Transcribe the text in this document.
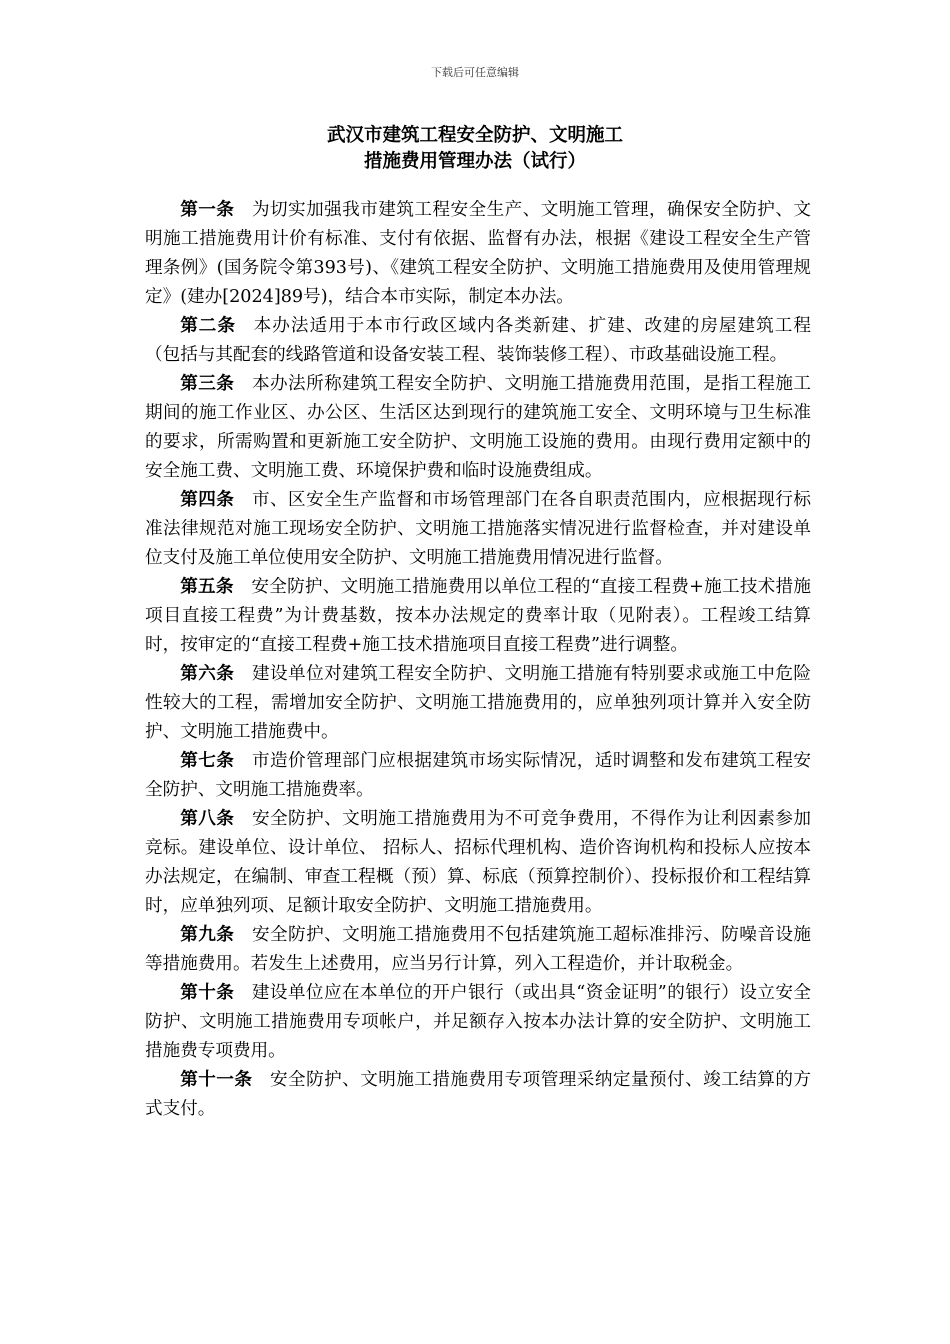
下载后可任意编辑
武汉市建筑工程安全防护、文明施工
措施费用管理办法（试行）

第一条 为切实加强我市建筑工程安全生产、文明施工管理，确保安全防护、文明施工措施费用计价有标准、支付有依据、监督有办法，根据《建设工程安全生产管理条例》(国务院令第393号)、《建筑工程安全防护、文明施工措施费用及使用管理规定》(建办[2024]89号)，结合本市实际，制定本办法。

第二条 本办法适用于本市行政区域内各类新建、扩建、改建的房屋建筑工程（包括与其配套的线路管道和设备安装工程、装饰装修工程）、市政基础设施工程。

第三条 本办法所称建筑工程安全防护、文明施工措施费用范围，是指工程施工期间的施工作业区、办公区、生活区达到现行的建筑施工安全、文明环境与卫生标准的要求，所需购置和更新施工安全防护、文明施工设施的费用。由现行费用定额中的安全施工费、文明施工费、环境保护费和临时设施费组成。

第四条 市、区安全生产监督和市场管理部门在各自职责范围内，应根据现行标准法律规范对施工现场安全防护、文明施工措施落实情况进行监督检查，并对建设单位支付及施工单位使用安全防护、文明施工措施费用情况进行监督。

第五条 安全防护、文明施工措施费用以单位工程的“直接工程费+施工技术措施项目直接工程费”为计费基数，按本办法规定的费率计取（见附表）。工程竣工结算时，按审定的“直接工程费+施工技术措施项目直接工程费”进行调整。

第六条 建设单位对建筑工程安全防护、文明施工措施有特别要求或施工中危险性较大的工程，需增加安全防护、文明施工措施费用的，应单独列项计算并入安全防护、文明施工措施费中。

第七条 市造价管理部门应根据建筑市场实际情况，适时调整和发布建筑工程安全防护、文明施工措施费率。

第八条 安全防护、文明施工措施费用为不可竞争费用，不得作为让利因素参加竞标。建设单位、设计单位、 招标人、招标代理机构、造价咨询机构和投标人应按本办法规定，在编制、审查工程概（预）算、标底（预算控制价）、投标报价和工程结算时，应单独列项、足额计取安全防护、文明施工措施费用。

第九条 安全防护、文明施工措施费用不包括建筑施工超标准排污、防噪音设施等措施费用。若发生上述费用，应当另行计算，列入工程造价，并计取税金。

第十条 建设单位应在本单位的开户银行（或出具“资金证明”的银行）设立安全防护、文明施工措施费用专项帐户，并足额存入按本办法计算的安全防护、文明施工措施费专项费用。

第十一条 安全防护、文明施工措施费用专项管理采纳定量预付、竣工结算的方式支付。
